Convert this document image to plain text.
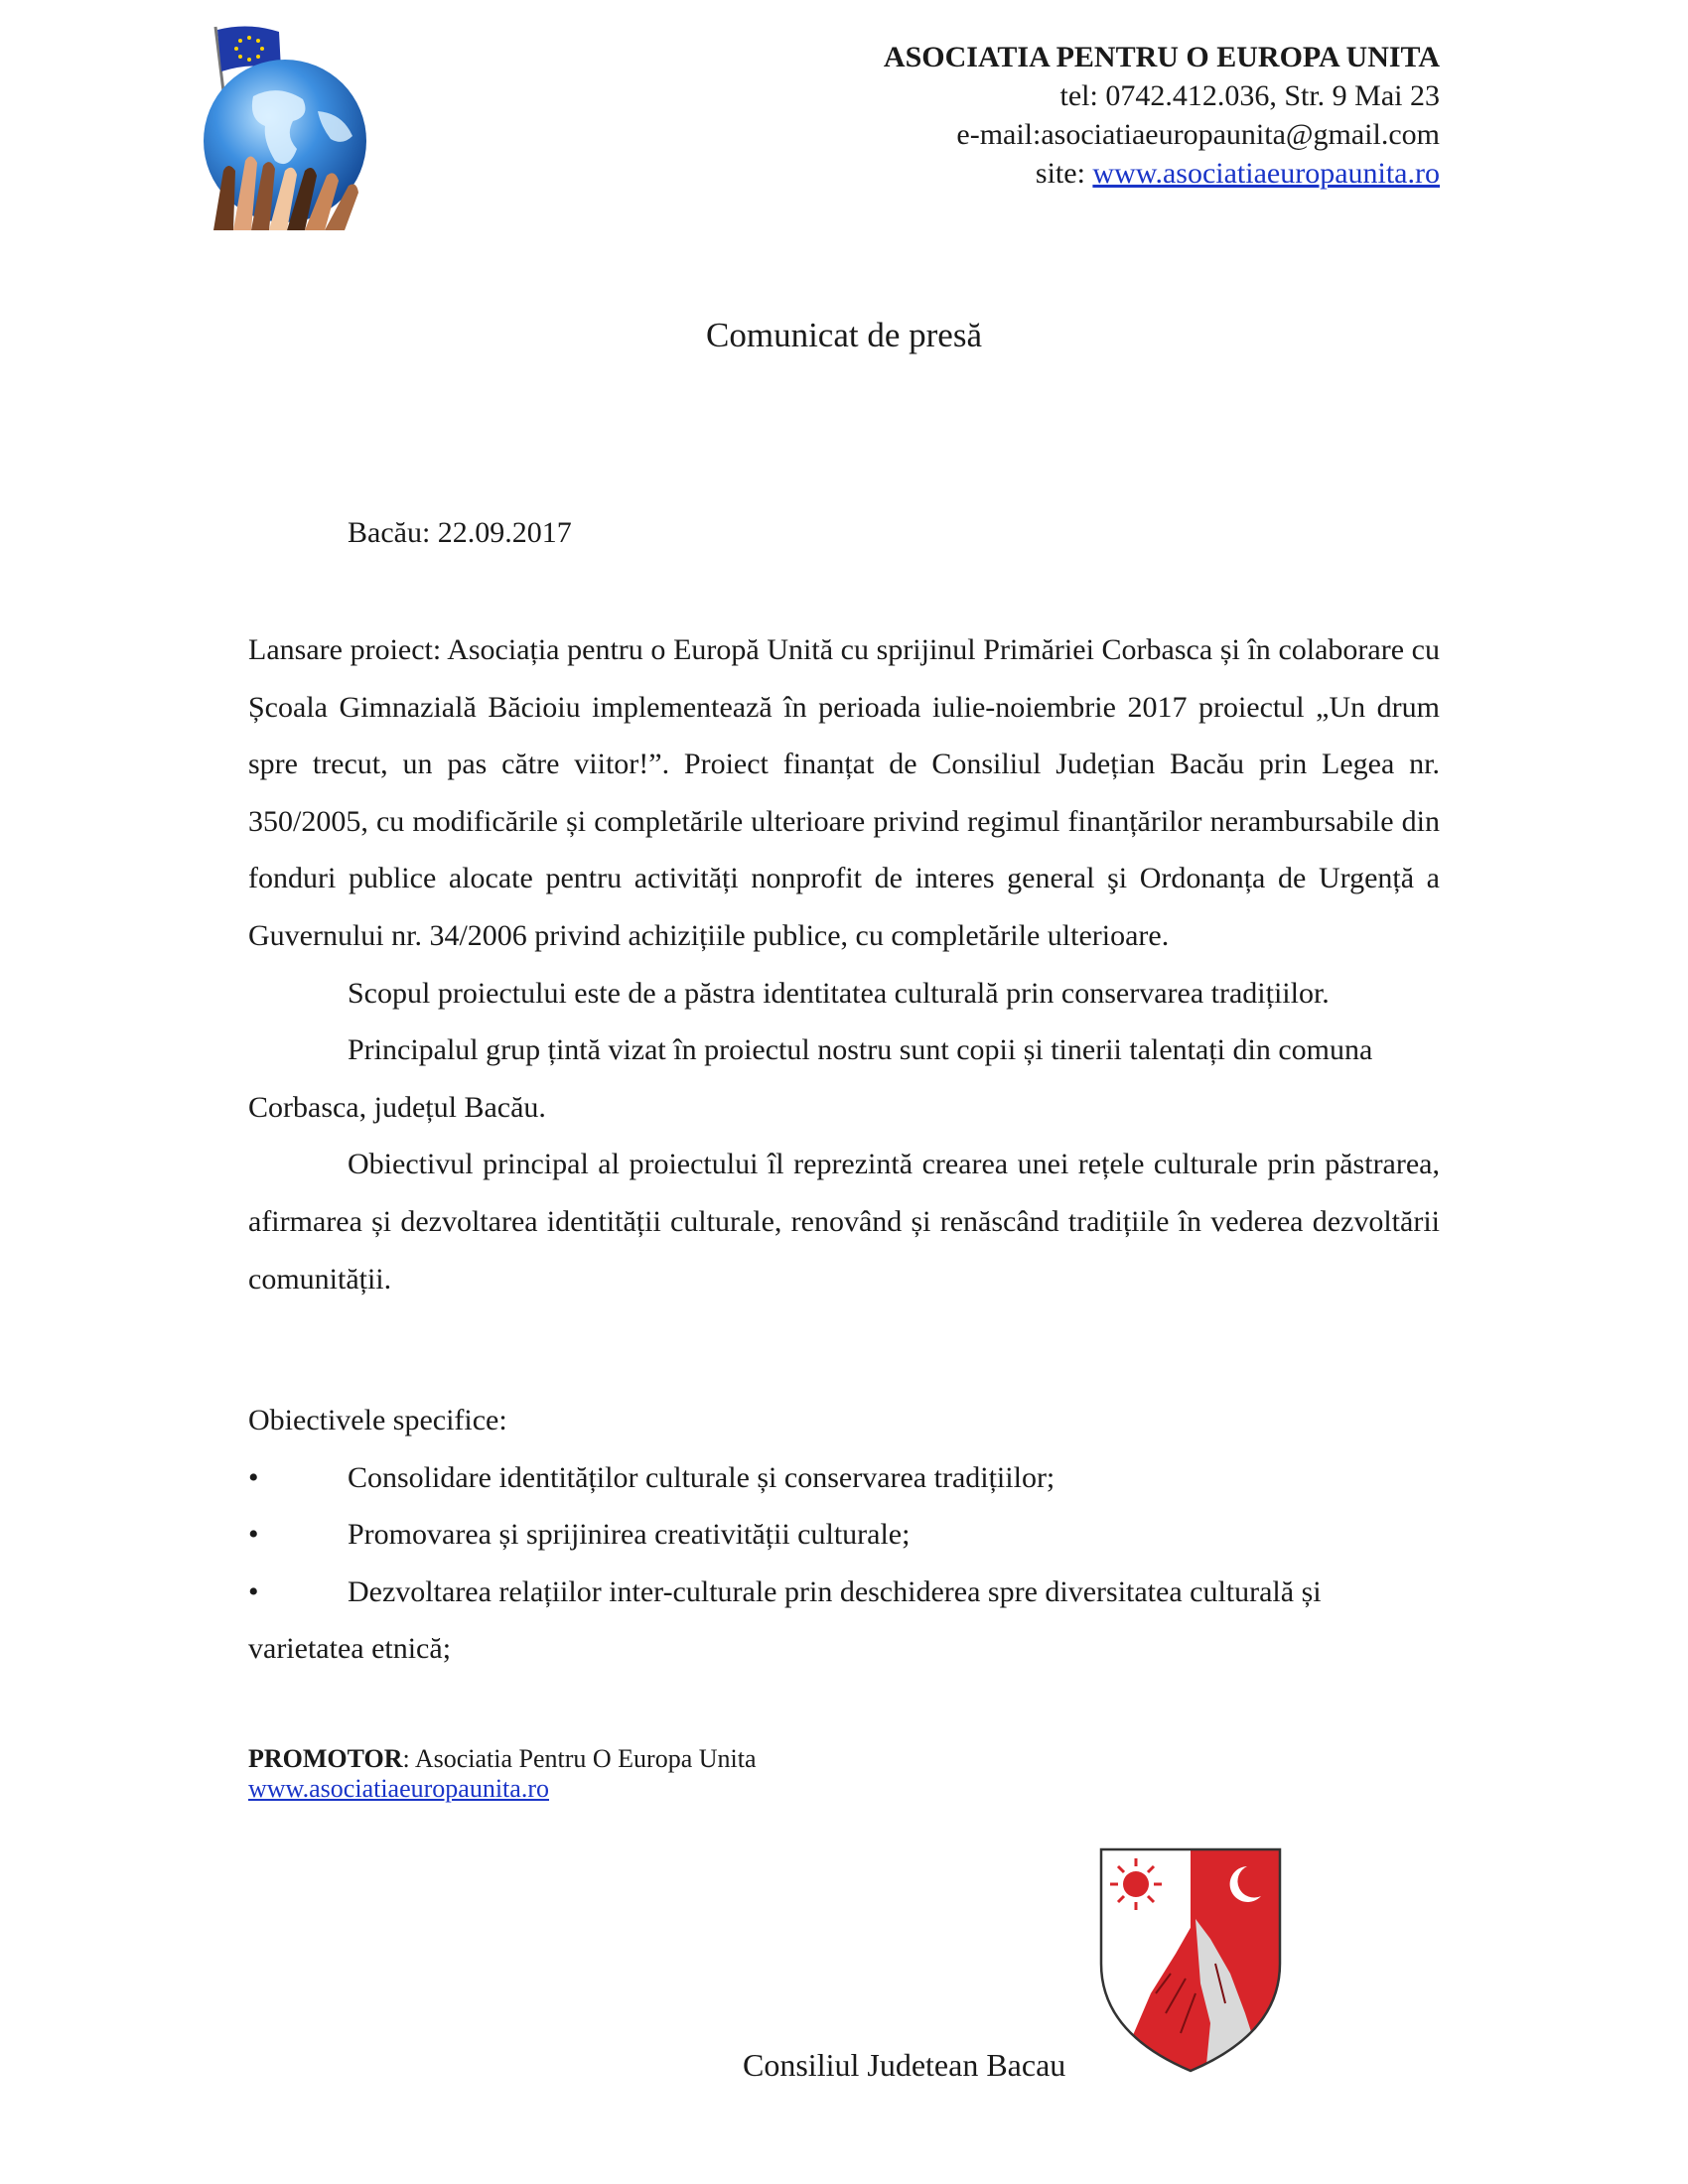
ASOCIATIA PENTRU O EUROPA UNITA
tel: 0742.412.036, Str. 9 Mai 23
e-mail:asociatiaeuropaunita@gmail.com
site: www.asociatiaeuropaunita.ro
Comunicat de presă
Bacău: 22.09.2017

Lansare proiect: Asociația pentru o Europă Unită cu sprijinul Primăriei Corbasca și în colaborare cu Școala Gimnazială Băcioiu implementează în perioada iulie-noiembrie 2017 proiectul „Un drum spre trecut, un pas către viitor!”. Proiect finanțat de Consiliul Județian Bacău prin Legea nr. 350/2005, cu modificările și completările ulterioare privind regimul finanțărilor nerambursabile din fonduri publice alocate pentru activități nonprofit de interes general şi Ordonanța de Urgență a Guvernului nr. 34/2006 privind achizițiile publice, cu completările ulterioare.

Scopul proiectului este de a păstra identitatea culturală prin conservarea tradițiilor.

Principalul grup țintă vizat în proiectul nostru sunt copii și tinerii talentați din comuna Corbasca, județul Bacău.

Obiectivul principal al proiectului îl reprezintă crearea unei rețele culturale prin păstrarea, afirmarea și dezvoltarea identității culturale, renovând și renăscând tradițiile în vederea dezvoltării comunității.

Obiectivele specifice:
•	Consolidare identităților culturale și conservarea tradițiilor;
•	Promovarea și sprijinirea creativității culturale;
•	Dezvoltarea relațiilor inter-culturale prin deschiderea spre diversitatea culturală și varietatea etnică;
PROMOTOR: Asociatia Pentru O Europa Unita
www.asociatiaeuropaunita.ro
Consiliul Judetean Bacau
